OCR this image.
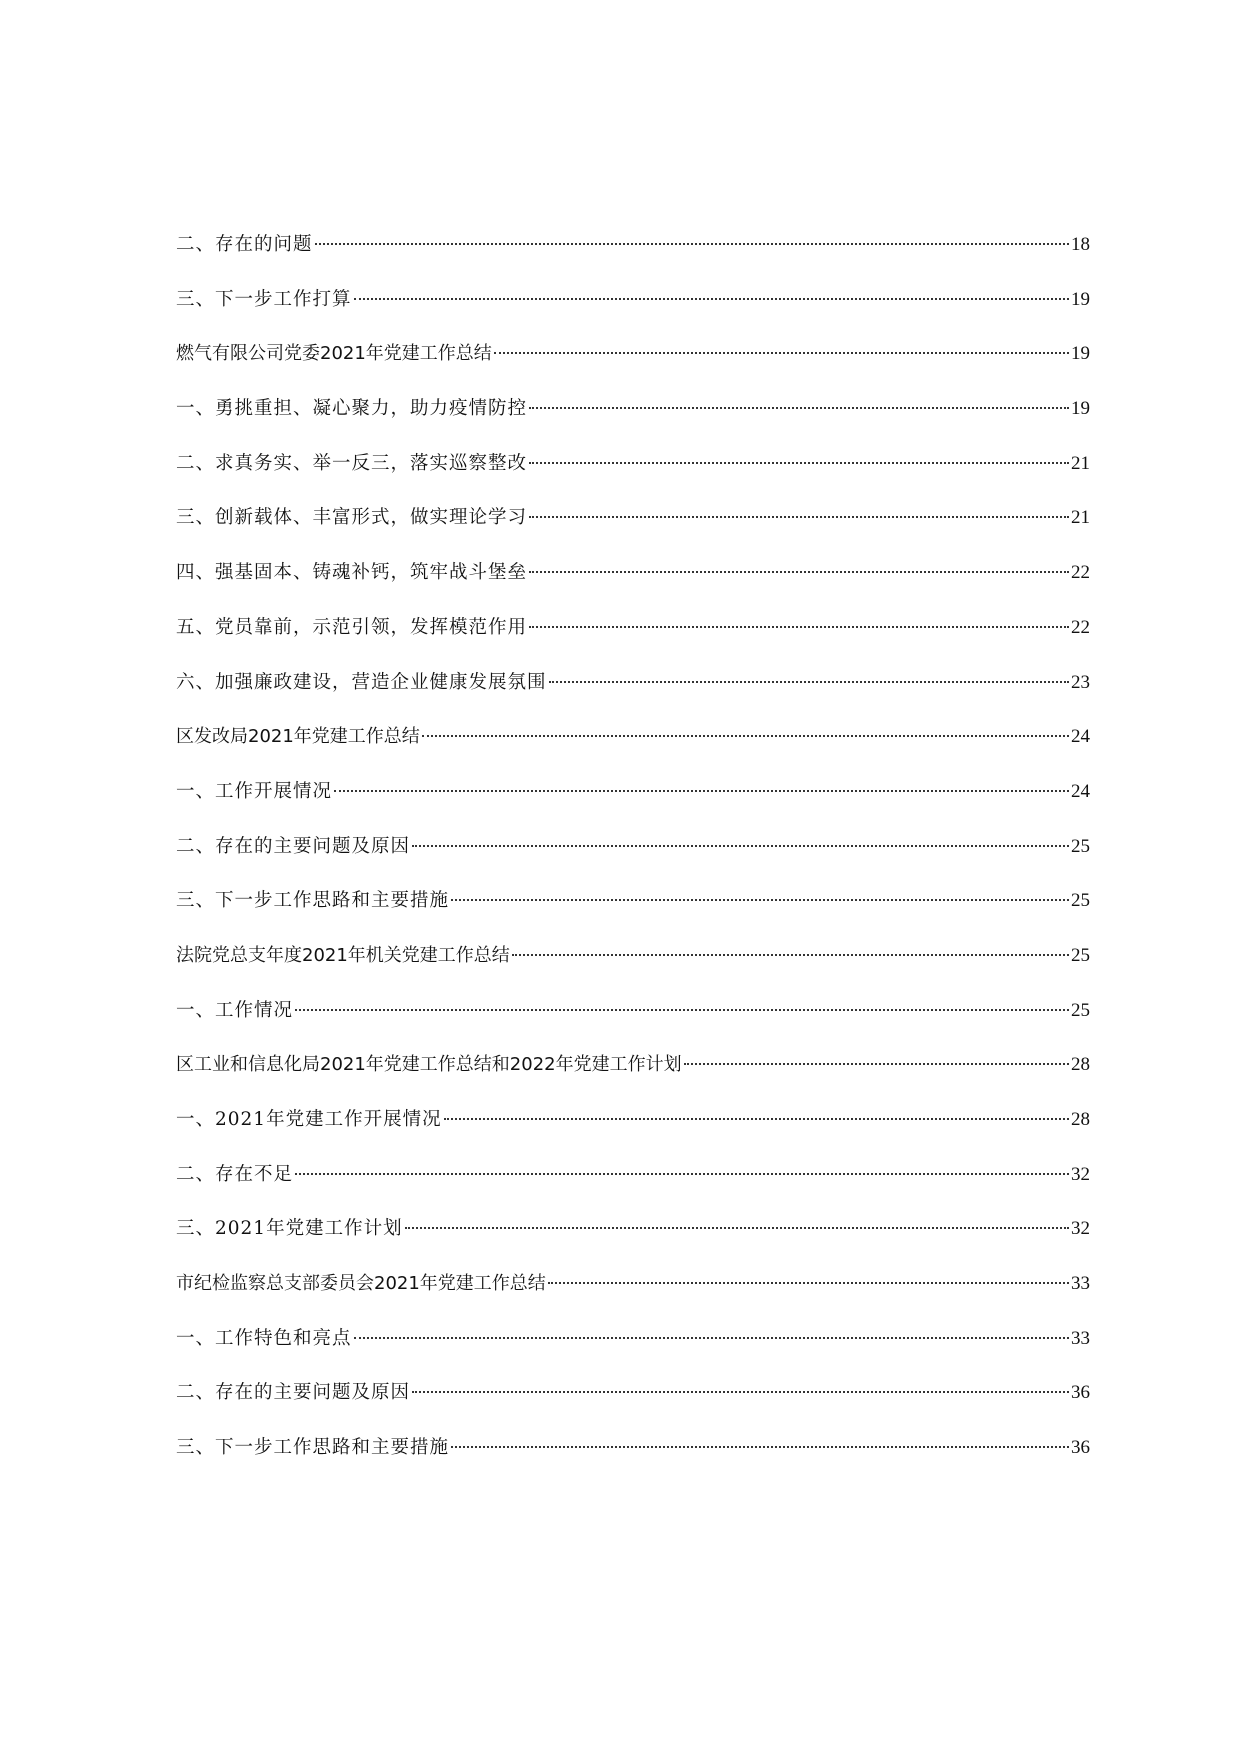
二、存在的问题	18
三、下一步工作打算	19
燃气有限公司党委2021年党建工作总结	19
一、勇挑重担、凝心聚力，助力疫情防控	19
二、求真务实、举一反三，落实巡察整改	21
三、创新载体、丰富形式，做实理论学习	21
四、强基固本、铸魂补钙，筑牢战斗堡垒	22
五、党员靠前，示范引领，发挥模范作用	22
六、加强廉政建设，营造企业健康发展氛围	23
区发改局2021年党建工作总结	24
一、工作开展情况	24
二、存在的主要问题及原因	25
三、下一步工作思路和主要措施	25
法院党总支年度2021年机关党建工作总结	25
一、工作情况	25
区工业和信息化局2021年党建工作总结和2022年党建工作计划	28
一、2021年党建工作开展情况	28
二、存在不足	32
三、2021年党建工作计划	32
市纪检监察总支部委员会2021年党建工作总结	33
一、工作特色和亮点	33
二、存在的主要问题及原因	36
三、下一步工作思路和主要措施	36
